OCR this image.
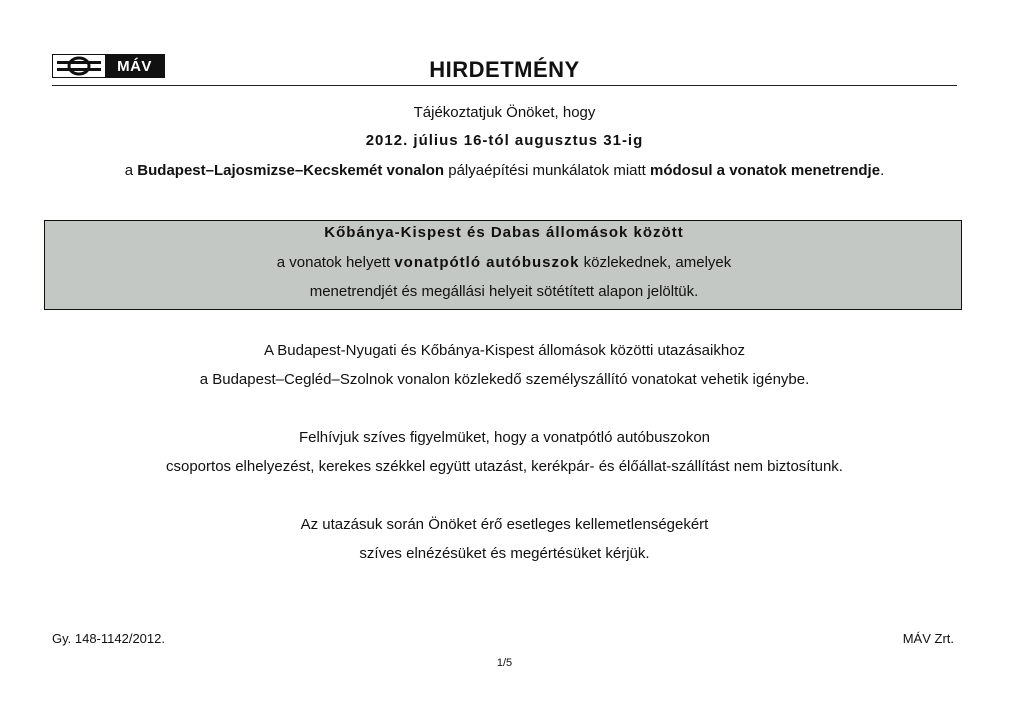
MÁV	HIRDETMÉNY
Tájékoztatjuk Önöket, hogy
2012. július 16-tól augusztus 31-ig
a Budapest–Lajosmizse–Kecskemét vonalon pályaépítési munkálatok miatt módosul a vonatok menetrendje.
Kőbánya-Kispest és Dabas állomások között
a vonatok helyett vonatpótló autóbuszok közlekednek, amelyek
menetrendjét és megállási helyeit sötétített alapon jelöltük.
A Budapest-Nyugati és Kőbánya-Kispest állomások közötti utazásaikhoz
a Budapest–Cegléd–Szolnok vonalon közlekedő személyszállító vonatokat vehetik igénybe.
Felhívjuk szíves figyelmüket, hogy a vonatpótló autóbuszokon
csoportos elhelyezést, kerekes székkel együtt utazást, kerékpár- és élőállat-szállítást nem biztosítunk.
Az utazásuk során Önöket érő esetleges kellemetlenségekért
szíves elnézésüket és megértésüket kérjük.
Gy. 148-1142/2012.	MÁV Zrt.
1/5
